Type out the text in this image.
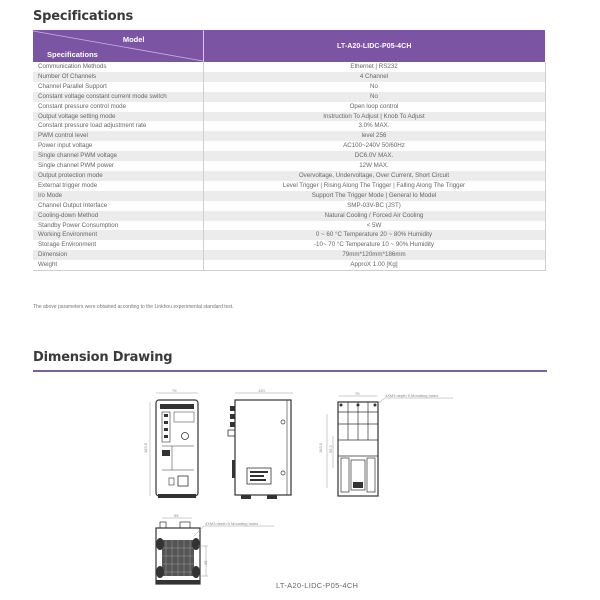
Specifications
Model
Specifications	LT-A20-LIDC-P05-4CH
Communication Methods	Ethernet | RS232
Number Of Channels	4 Channel
Channel Parallel Support	No
Constant voltage constant current mode switch	No
Constant pressure control mode	Open loop control
Output voltage setting mode	Instruction To Adjust | Knob To Adjust
Constant pressure load adjustment rate	3.0% MAX.
PWM control level	level 256
Power input voltage	AC100~240V 50/60Hz
Single channel PWM voltage	DC6.0V MAX.
Single channel PWM power	12W MAX.
Output protection mode	Overvoltage, Undervoltage, Over Current, Short Circuit
External trigger mode	Level Trigger | Rising Along The Trigger | Falling Along The Trigger
I/o Mode	Support The Trigger Mode | General Io Model
Channel Output Interface	SMP-03V-BC (JST)
Cooling-down Method	Natural Cooling / Forced Air Cooling
Standby Power Consumption	< 5W
Working Environment	0 ~ 60 °C Temperature 20 ~ 80% Humidity
Storage Environment	-10~ 70 °C Temperature 10 ~ 90% Humidity
Dimension	79mm*120mm*186mm
Weight	ApproX 1.00 [Kg]
The above parameters were obtained according to the Linkhou experimental standard test.
Dimension Drawing
79
183.5
120
70
183.5 55.2
4XM3 depth 5 Mounting holes
55
35
4XM3 depth 5 Mounting holes
LT-A20-LIDC-P05-4CH
